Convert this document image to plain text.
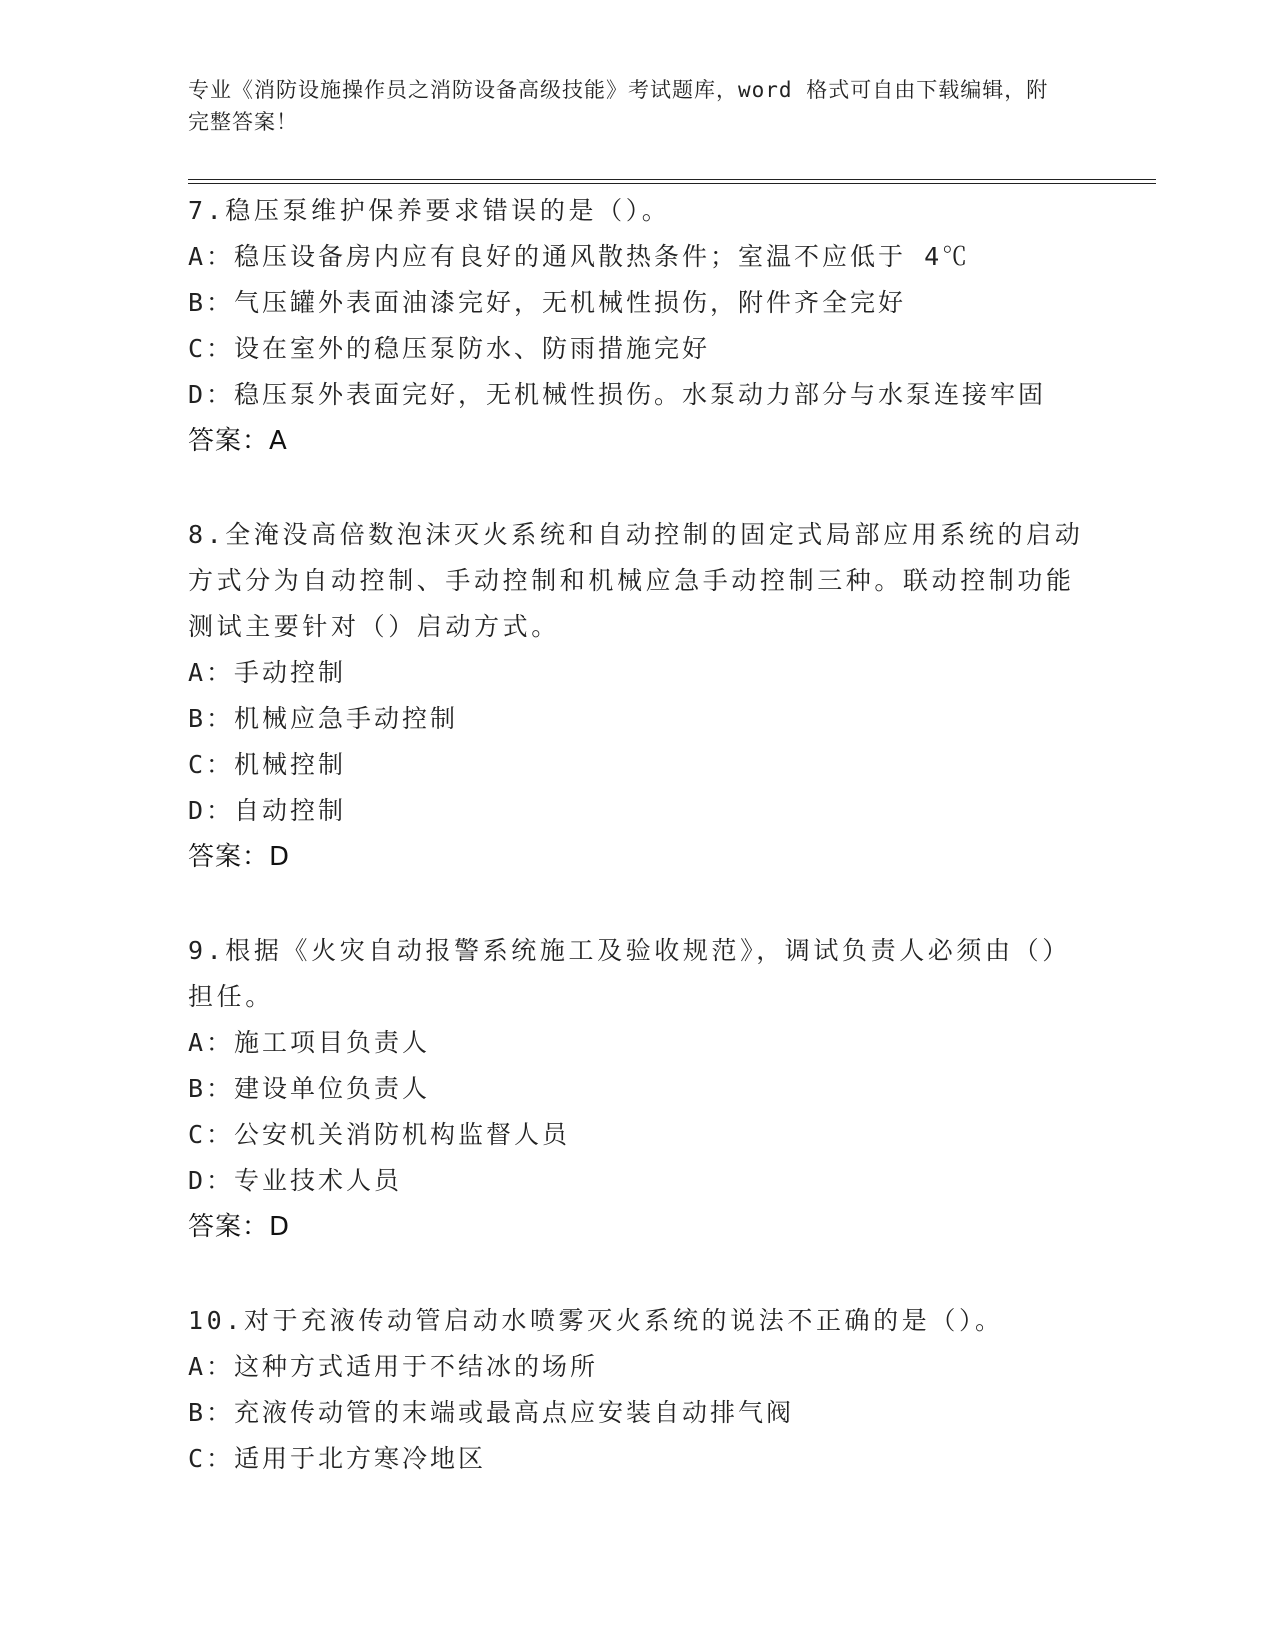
专业《消防设施操作员之消防设备高级技能》考试题库，word 格式可自由下载编辑，附完整答案！
7.稳压泵维护保养要求错误的是（）。
A：稳压设备房内应有良好的通风散热条件；室温不应低于 4℃
B：气压罐外表面油漆完好，无机械性损伤，附件齐全完好
C：设在室外的稳压泵防水、防雨措施完好
D：稳压泵外表面完好，无机械性损伤。水泵动力部分与水泵连接牢固
答案：A
8.全淹没高倍数泡沫灭火系统和自动控制的固定式局部应用系统的启动方式分为自动控制、手动控制和机械应急手动控制三种。联动控制功能测试主要针对（）启动方式。
A：手动控制
B：机械应急手动控制
C：机械控制
D：自动控制
答案：D
9.根据《火灾自动报警系统施工及验收规范》，调试负责人必须由（）担任。
A：施工项目负责人
B：建设单位负责人
C：公安机关消防机构监督人员
D：专业技术人员
答案：D
10.对于充液传动管启动水喷雾灭火系统的说法不正确的是（）。
A：这种方式适用于不结冰的场所
B：充液传动管的末端或最高点应安装自动排气阀
C：适用于北方寒冷地区
